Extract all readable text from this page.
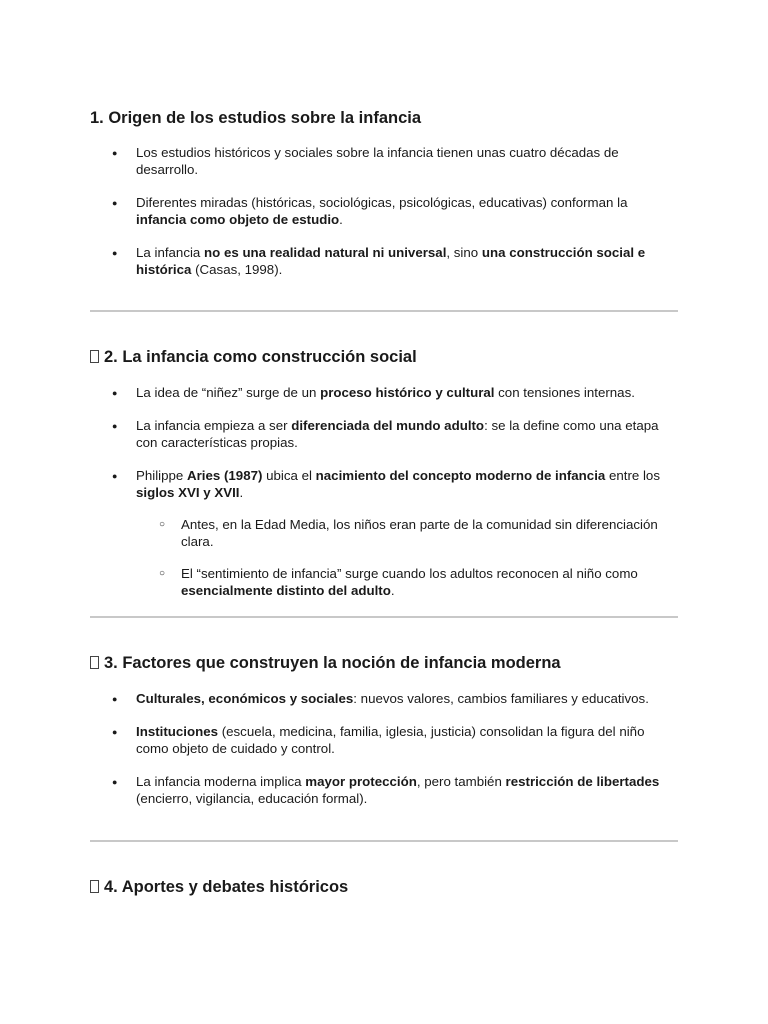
1. Origen de los estudios sobre la infancia
● Los estudios históricos y sociales sobre la infancia tienen unas cuatro décadas de desarrollo.
● Diferentes miradas (históricas, sociológicas, psicológicas, educativas) conforman la infancia como objeto de estudio.
● La infancia no es una realidad natural ni universal, sino una construcción social e histórica (Casas, 1998).
2. La infancia como construcción social
● La idea de “niñez” surge de un proceso histórico y cultural con tensiones internas.
● La infancia empieza a ser diferenciada del mundo adulto: se la define como una etapa con características propias.
● Philippe Aries (1987) ubica el nacimiento del concepto moderno de infancia entre los siglos XVI y XVII.
○ Antes, en la Edad Media, los niños eran parte de la comunidad sin diferenciación clara.
○ El “sentimiento de infancia” surge cuando los adultos reconocen al niño como esencialmente distinto del adulto.
3. Factores que construyen la noción de infancia moderna
● Culturales, económicos y sociales: nuevos valores, cambios familiares y educativos.
● Instituciones (escuela, medicina, familia, iglesia, justicia) consolidan la figura del niño como objeto de cuidado y control.
● La infancia moderna implica mayor protección, pero también restricción de libertades (encierro, vigilancia, educación formal).
4. Aportes y debates históricos
